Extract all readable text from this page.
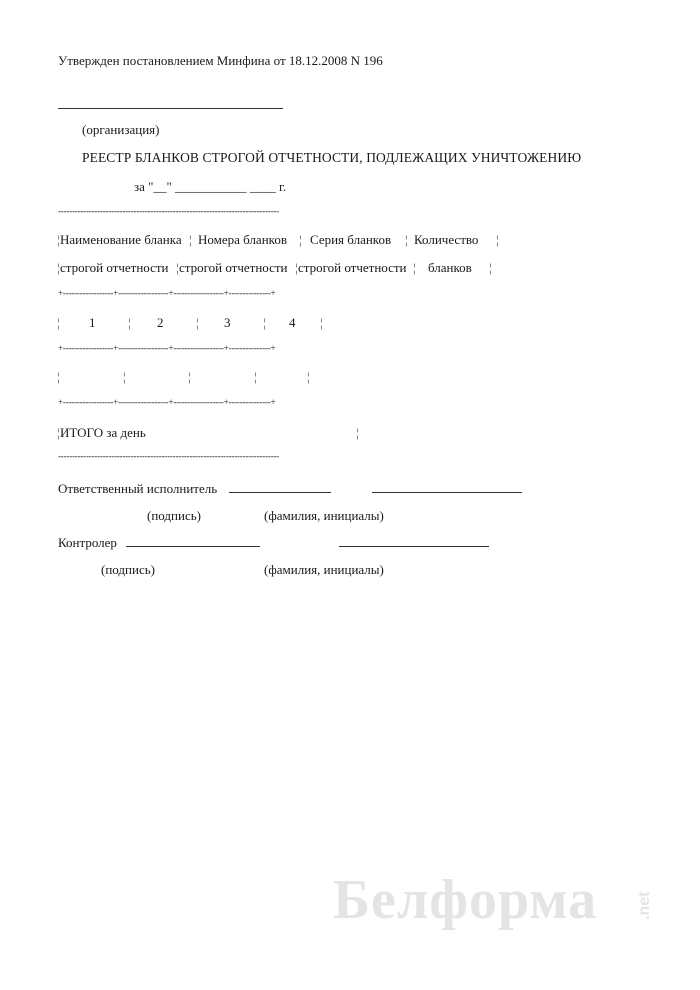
Утвержден постановлением Минфина от 18.12.2008 N 196
(организация)
РЕЕСТР БЛАНКОВ СТРОГОЙ ОТЧЕТНОСТИ, ПОДЛЕЖАЩИХ УНИЧТОЖЕНИЮ
за "__" ___________ ____ г.
-------------------------------------------------------------------------------
¦ Наименование бланка ¦ Номера бланков ¦ Серия бланков ¦ Количество ¦
¦ строгой отчетности ¦ строгой отчетности ¦ строгой отчетности ¦ бланков ¦
+------------------+------------------+------------------+---------------+
¦ 1	¦ 2	¦ 3	¦ 4 ¦
+------------------+------------------+------------------+---------------+
¦	¦	¦	¦	¦
+------------------+------------------+------------------+---------------+
¦ ИТОГО за день	¦
-------------------------------------------------------------------------------
Ответственный исполнитель
(подпись)	(фамилия, инициалы)
Контролер
(подпись)	(фамилия, инициалы)
Белформа .net
